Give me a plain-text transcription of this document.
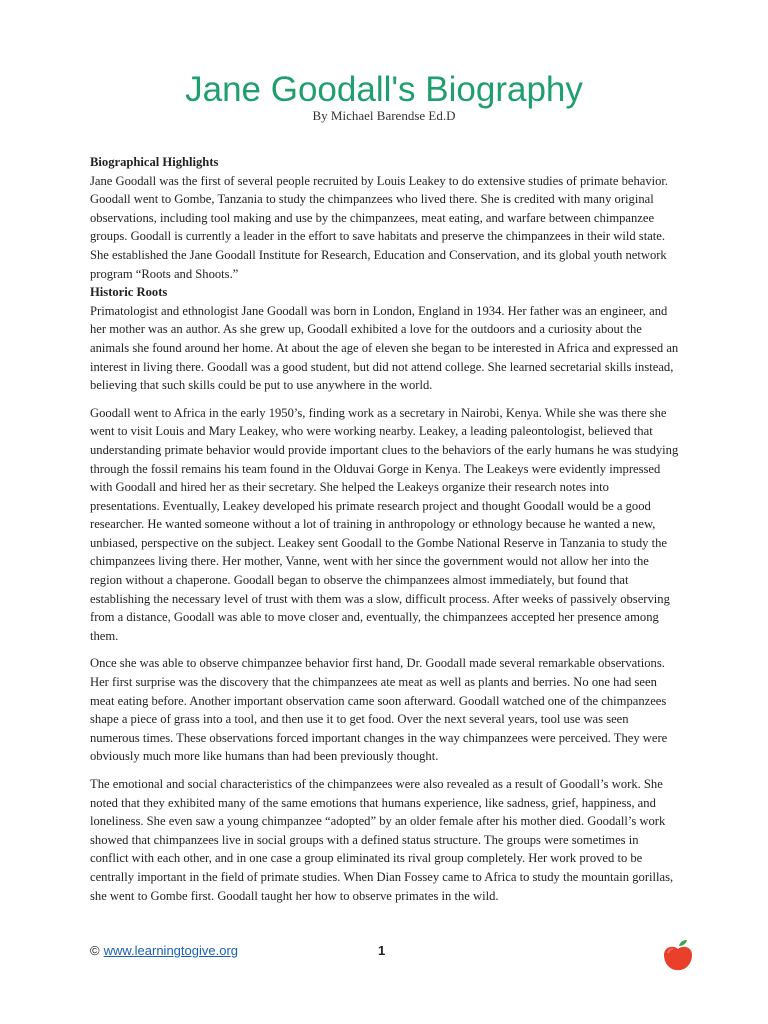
Jane Goodall's Biography
By Michael Barendse Ed.D

Biographical Highlights

Jane Goodall was the first of several people recruited by Louis Leakey to do extensive studies of primate behavior. Goodall went to Gombe, Tanzania to study the chimpanzees who lived there. She is credited with many original observations, including tool making and use by the chimpanzees, meat eating, and warfare between chimpanzee groups. Goodall is currently a leader in the effort to save habitats and preserve the chimpanzees in their wild state. She established the Jane Goodall Institute for Research, Education and Conservation, and its global youth network program “Roots and Shoots.”

Historic Roots

Primatologist and ethnologist Jane Goodall was born in London, England in 1934. Her father was an engineer, and her mother was an author. As she grew up, Goodall exhibited a love for the outdoors and a curiosity about the animals she found around her home. At about the age of eleven she began to be interested in Africa and expressed an interest in living there. Goodall was a good student, but did not attend college. She learned secretarial skills instead, believing that such skills could be put to use anywhere in the world.

Goodall went to Africa in the early 1950’s, finding work as a secretary in Nairobi, Kenya. While she was there she went to visit Louis and Mary Leakey, who were working nearby. Leakey, a leading paleontologist, believed that understanding primate behavior would provide important clues to the behaviors of the early humans he was studying through the fossil remains his team found in the Olduvai Gorge in Kenya. The Leakeys were evidently impressed with Goodall and hired her as their secretary. She helped the Leakeys organize their research notes into presentations. Eventually, Leakey developed his primate research project and thought Goodall would be a good researcher. He wanted someone without a lot of training in anthropology or ethnology because he wanted a new, unbiased, perspective on the subject. Leakey sent Goodall to the Gombe National Reserve in Tanzania to study the chimpanzees living there. Her mother, Vanne, went with her since the government would not allow her into the region without a chaperone. Goodall began to observe the chimpanzees almost immediately, but found that establishing the necessary level of trust with them was a slow, difficult process. After weeks of passively observing from a distance, Goodall was able to move closer and, eventually, the chimpanzees accepted her presence among them.

Once she was able to observe chimpanzee behavior first hand, Dr. Goodall made several remarkable observations. Her first surprise was the discovery that the chimpanzees ate meat as well as plants and berries. No one had seen meat eating before. Another important observation came soon afterward. Goodall watched one of the chimpanzees shape a piece of grass into a tool, and then use it to get food. Over the next several years, tool use was seen numerous times. These observations forced important changes in the way chimpanzees were perceived. They were obviously much more like humans than had been previously thought.

The emotional and social characteristics of the chimpanzees were also revealed as a result of Goodall’s work. She noted that they exhibited many of the same emotions that humans experience, like sadness, grief, happiness, and loneliness. She even saw a young chimpanzee “adopted” by an older female after his mother died. Goodall’s work showed that chimpanzees live in social groups with a defined status structure. The groups were sometimes in conflict with each other, and in one case a group eliminated its rival group completely. Her work proved to be centrally important in the field of primate studies. When Dian Fossey came to Africa to study the mountain gorillas, she went to Gombe first. Goodall taught her how to observe primates in the wild.

© www.learningtogive.org	1
